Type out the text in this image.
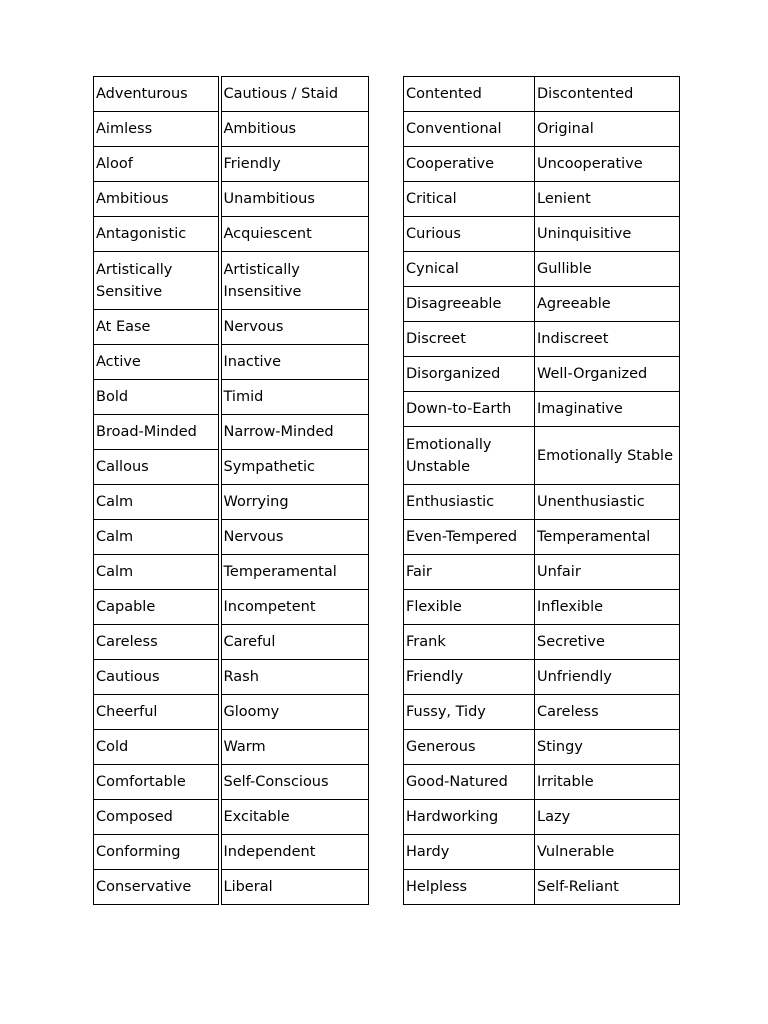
Adventurous	Cautious / Staid
Aimless	Ambitious
Aloof	Friendly
Ambitious	Unambitious
Antagonistic	Acquiescent
Artistically Sensitive	Artistically Insensitive
At Ease	Nervous
Active	Inactive
Bold	Timid
Broad-Minded	Narrow-Minded
Callous	Sympathetic
Calm	Worrying
Calm	Nervous
Calm	Temperamental
Capable	Incompetent
Careless	Careful
Cautious	Rash
Cheerful	Gloomy
Cold	Warm
Comfortable	Self-Conscious
Composed	Excitable
Conforming	Independent
Conservative	Liberal
Contented	Discontented
Conventional	Original
Cooperative	Uncooperative
Critical	Lenient
Curious	Uninquisitive
Cynical	Gullible
Disagreeable	Agreeable
Discreet	Indiscreet
Disorganized	Well-Organized
Down-to-Earth	Imaginative
Emotionally Unstable	Emotionally Stable
Enthusiastic	Unenthusiastic
Even-Tempered	Temperamental
Fair	Unfair
Flexible	Inflexible
Frank	Secretive
Friendly	Unfriendly
Fussy, Tidy	Careless
Generous	Stingy
Good-Natured	Irritable
Hardworking	Lazy
Hardy	Vulnerable
Helpless	Self-Reliant
